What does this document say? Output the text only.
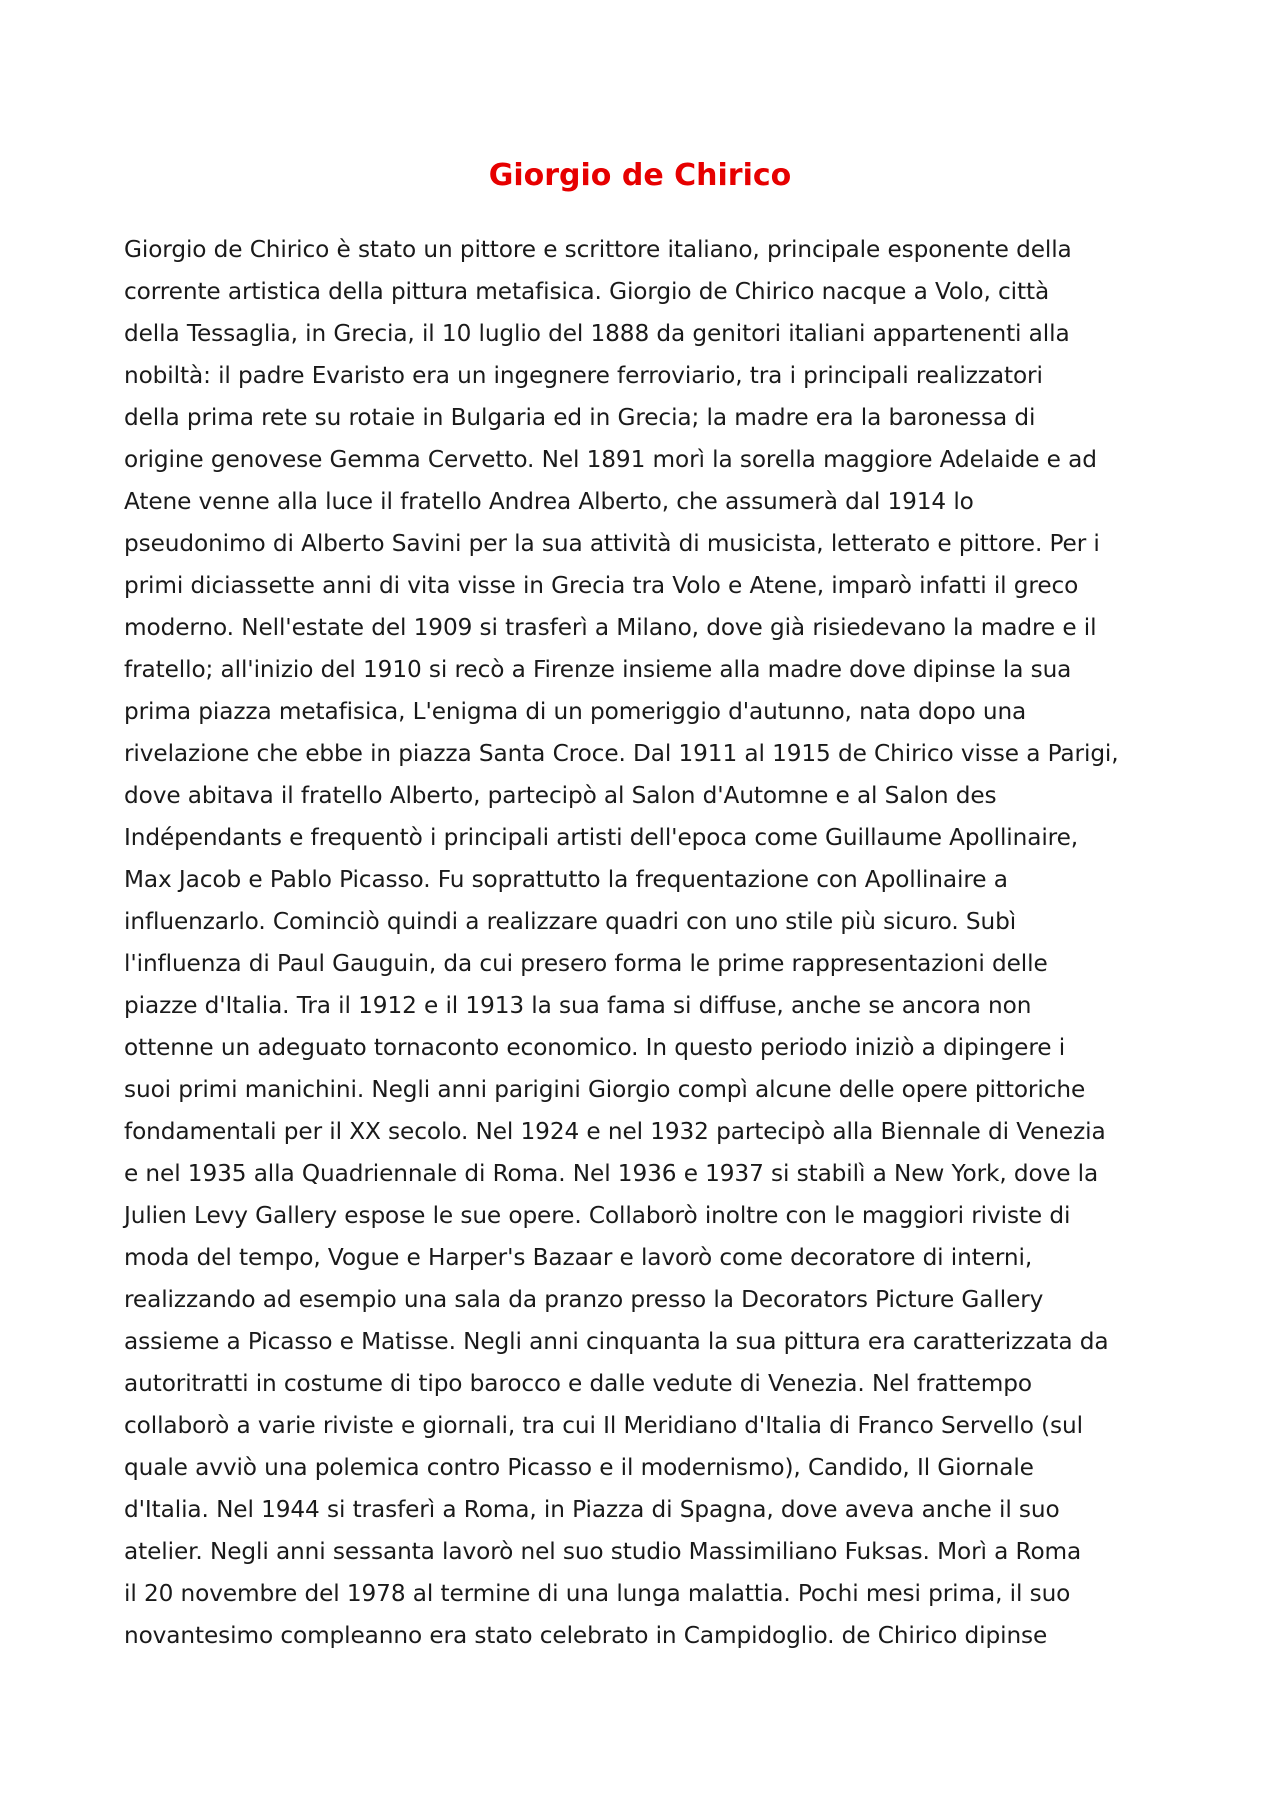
Giorgio de Chirico
Giorgio de Chirico è stato un pittore e scrittore italiano, principale esponente della
corrente artistica della pittura metafisica. Giorgio de Chirico nacque a Volo, città
della Tessaglia, in Grecia, il 10 luglio del 1888 da genitori italiani appartenenti alla
nobiltà: il padre Evaristo era un ingegnere ferroviario, tra i principali realizzatori
della prima rete su rotaie in Bulgaria ed in Grecia; la madre era la baronessa di
origine genovese Gemma Cervetto. Nel 1891 morì la sorella maggiore Adelaide e ad
Atene venne alla luce il fratello Andrea Alberto, che assumerà dal 1914 lo
pseudonimo di Alberto Savini per la sua attività di musicista, letterato e pittore. Per i
primi diciassette anni di vita visse in Grecia tra Volo e Atene, imparò infatti il greco
moderno. Nell'estate del 1909 si trasferì a Milano, dove già risiedevano la madre e il
fratello; all'inizio del 1910 si recò a Firenze insieme alla madre dove dipinse la sua
prima piazza metafisica, L'enigma di un pomeriggio d'autunno, nata dopo una
rivelazione che ebbe in piazza Santa Croce. Dal 1911 al 1915 de Chirico visse a Parigi,
dove abitava il fratello Alberto, partecipò al Salon d'Automne e al Salon des
Indépendants e frequentò i principali artisti dell'epoca come Guillaume Apollinaire,
Max Jacob e Pablo Picasso. Fu soprattutto la frequentazione con Apollinaire a
influenzarlo. Cominciò quindi a realizzare quadri con uno stile più sicuro. Subì
l'influenza di Paul Gauguin, da cui presero forma le prime rappresentazioni delle
piazze d'Italia. Tra il 1912 e il 1913 la sua fama si diffuse, anche se ancora non
ottenne un adeguato tornaconto economico. In questo periodo iniziò a dipingere i
suoi primi manichini. Negli anni parigini Giorgio compì alcune delle opere pittoriche
fondamentali per il XX secolo. Nel 1924 e nel 1932 partecipò alla Biennale di Venezia
e nel 1935 alla Quadriennale di Roma. Nel 1936 e 1937 si stabilì a New York, dove la
Julien Levy Gallery espose le sue opere. Collaborò inoltre con le maggiori riviste di
moda del tempo, Vogue e Harper's Bazaar e lavorò come decoratore di interni,
realizzando ad esempio una sala da pranzo presso la Decorators Picture Gallery
assieme a Picasso e Matisse. Negli anni cinquanta la sua pittura era caratterizzata da
autoritratti in costume di tipo barocco e dalle vedute di Venezia. Nel frattempo
collaborò a varie riviste e giornali, tra cui Il Meridiano d'Italia di Franco Servello (sul
quale avviò una polemica contro Picasso e il modernismo), Candido, Il Giornale
d'Italia. Nel 1944 si trasferì a Roma, in Piazza di Spagna, dove aveva anche il suo
atelier. Negli anni sessanta lavorò nel suo studio Massimiliano Fuksas. Morì a Roma
il 20 novembre del 1978 al termine di una lunga malattia. Pochi mesi prima, il suo
novantesimo compleanno era stato celebrato in Campidoglio. de Chirico dipinse
